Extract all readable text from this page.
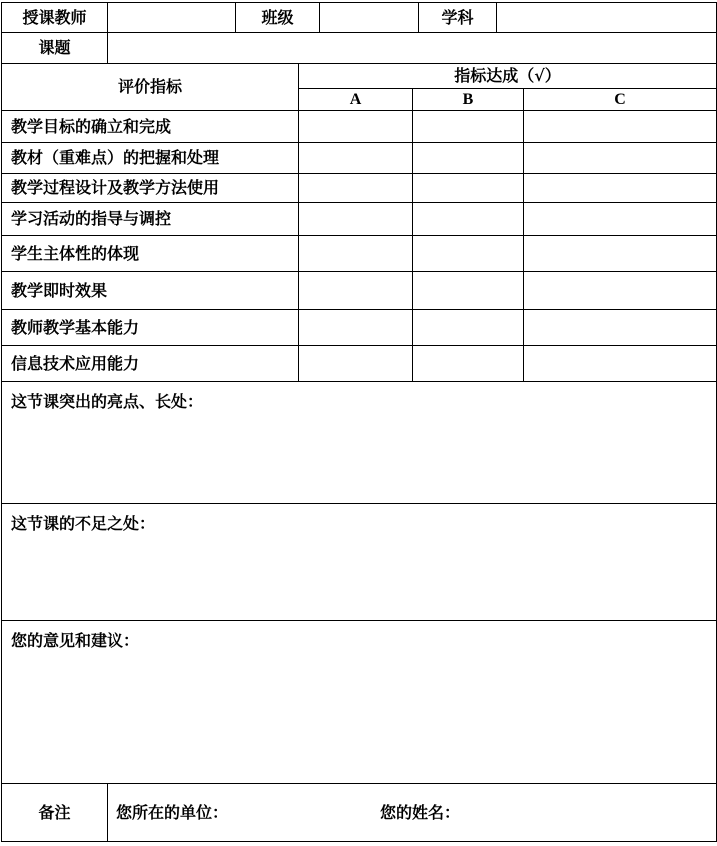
授课教师		班级				学科			
课题									
评价指标			指标达成（√）						
			A		B			C	
教学目标的确立和完成									
教材（重难点）的把握和处理									
教学过程设计及教学方法使用									
学习活动的指导与调控									
学生主体性的体现									
教学即时效果									
教师教学基本能力									
信息技术应用能力									
这节课突出的亮点、长处：									
这节课的不足之处：									
您的意见和建议：									
备注	您所在的单位： 您的姓名：								
